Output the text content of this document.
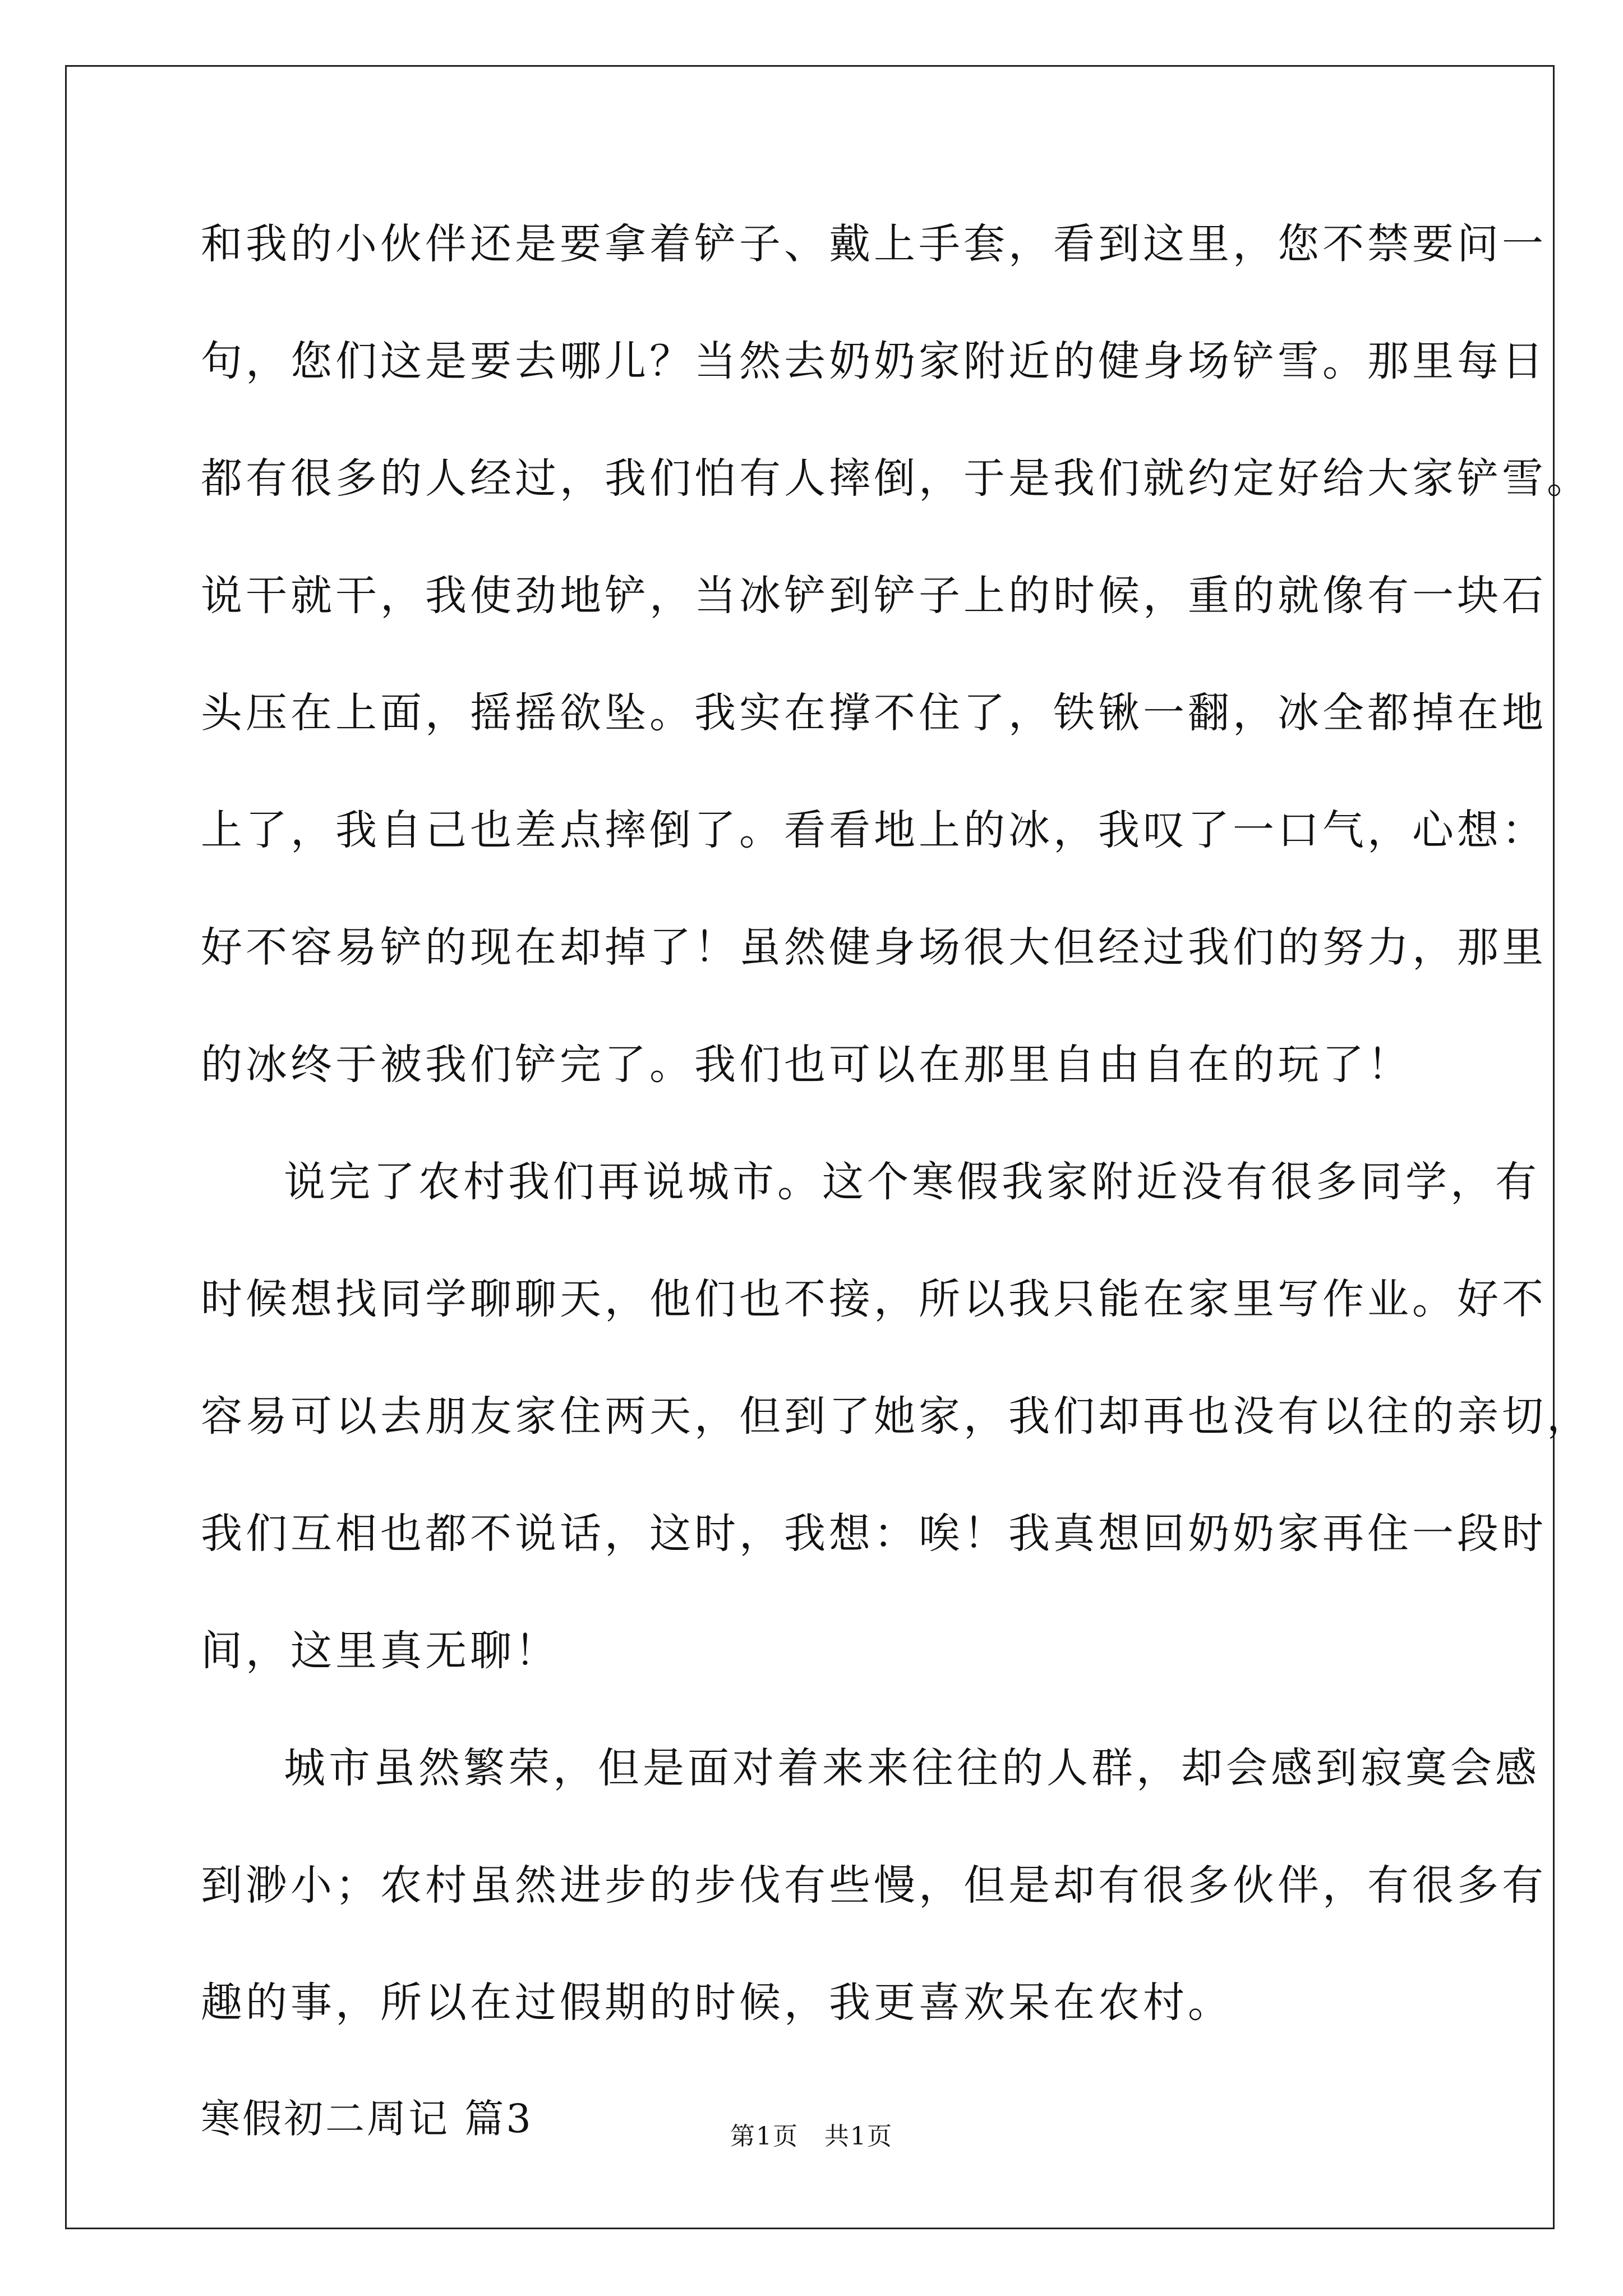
和我的小伙伴还是要拿着铲子、戴上手套，看到这里，您不禁要问一
句，您们这是要去哪儿？当然去奶奶家附近的健身场铲雪。那里每日
都有很多的人经过，我们怕有人摔倒，于是我们就约定好给大家铲雪。
说干就干，我使劲地铲，当冰铲到铲子上的时候，重的就像有一块石
头压在上面，摇摇欲坠。我实在撑不住了，铁锹一翻，冰全都掉在地
上了，我自己也差点摔倒了。看看地上的冰，我叹了一口气，心想：
好不容易铲的现在却掉了！虽然健身场很大但经过我们的努力，那里
的冰终于被我们铲完了。我们也可以在那里自由自在的玩了！
说完了农村我们再说城市。这个寒假我家附近没有很多同学，有
时候想找同学聊聊天，他们也不接，所以我只能在家里写作业。好不
容易可以去朋友家住两天，但到了她家，我们却再也没有以往的亲切，
我们互相也都不说话，这时，我想：唉！我真想回奶奶家再住一段时
间，这里真无聊！
城市虽然繁荣，但是面对着来来往往的人群，却会感到寂寞会感
到渺小；农村虽然进步的步伐有些慢，但是却有很多伙伴，有很多有
趣的事，所以在过假期的时候，我更喜欢呆在农村。
寒假初二周记 篇3	第1页　共1页
